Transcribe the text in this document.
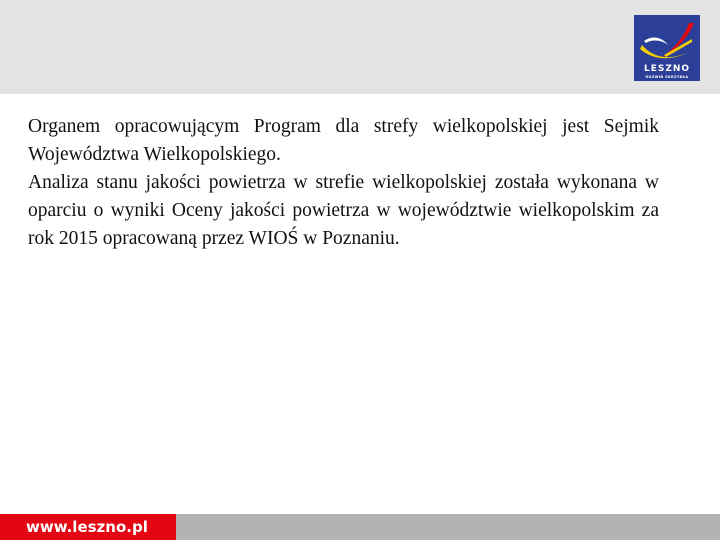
LESZNO
ROZWIŃ SKRZYDŁA

Organem opracowującym Program dla strefy wielkopolskiej jest Sejmik Województwa Wielkopolskiego.

Analiza stanu jakości powietrza w strefie wielkopolskiej została wykonana w oparciu o wyniki Oceny jakości powietrza w województwie wielkopolskim za rok 2015 opracowaną przez WIOŚ w Poznaniu.

www.leszno.pl
